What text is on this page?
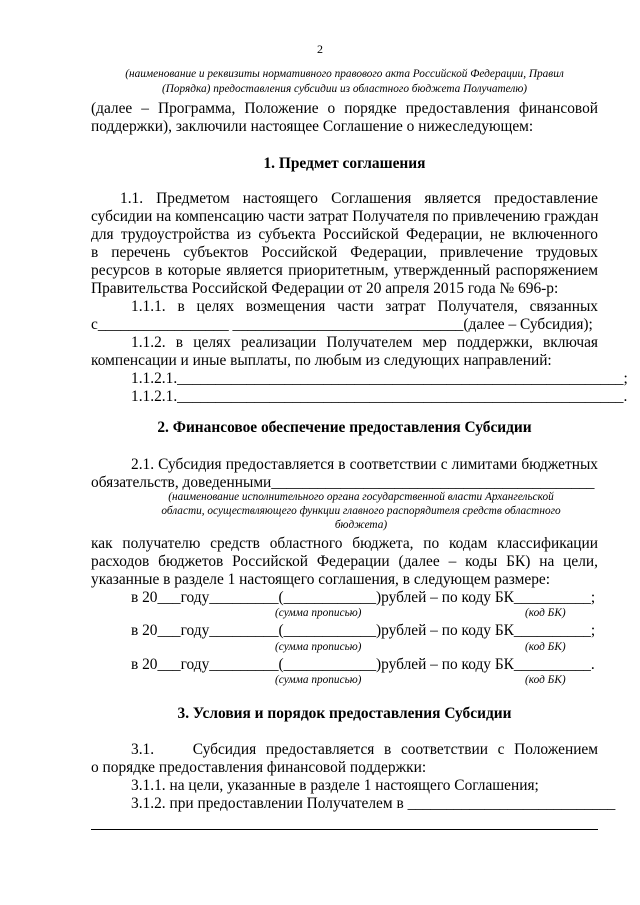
2
(наименование и реквизиты нормативного правового акта Российской Федерации, Правил
(Порядка) предоставления субсидии из областного бюджета Получателю)
(далее – Программа, Положение о порядке предоставления финансовой
поддержки), заключили настоящее Соглашение о нижеследующем:
1. Предмет соглашения
1.1. Предметом настоящего Соглашения является предоставление
субсидии на компенсацию части затрат Получателя по привлечению граждан
для трудоустройства из субъекта Российской Федерации, не включенного
в перечень субъектов Российской Федерации, привлечение трудовых
ресурсов в которые является приоритетным, утвержденный распоряжением
Правительства Российской Федерации от 20 апреля 2015 года № 696-р:
1.1.1. в целях возмещения части затрат Получателя, связанных
с_________________ ______________________________(далее – Субсидия);
1.1.2. в целях реализации Получателем мер поддержки, включая
компенсации и иные выплаты, по любым из следующих направлений:
1.1.2.1.__________________________________________________________;
1.1.2.1.__________________________________________________________.
2. Финансовое обеспечение предоставления Субсидии
2.1. Субсидия предоставляется в соответствии с лимитами бюджетных
обязательств, доведенными__________________________________________
(наименование исполнительного органа государственной власти Архангельской
области, осуществляющего функции главного распорядителя средств областного
бюджета)
как получателю средств областного бюджета, по кодам классификации
расходов бюджетов Российской Федерации (далее – коды БК) на цели,
указанные в разделе 1 настоящего соглашения, в следующем размере:
в 20___году_________(____________)рублей – по коду БК__________;
(сумма прописью)	(код БК)
в 20___году_________(____________)рублей – по коду БК__________;
(сумма прописью)	(код БК)
в 20___году_________(____________)рублей – по коду БК__________.
(сумма прописью)	(код БК)
3. Условия и порядок предоставления Субсидии
3.1.    Субсидия предоставляется в соответствии с Положением
о порядке предоставления финансовой поддержки:
3.1.1. на цели, указанные в разделе 1 настоящего Соглашения;
3.1.2. при предоставлении Получателем в ___________________________
